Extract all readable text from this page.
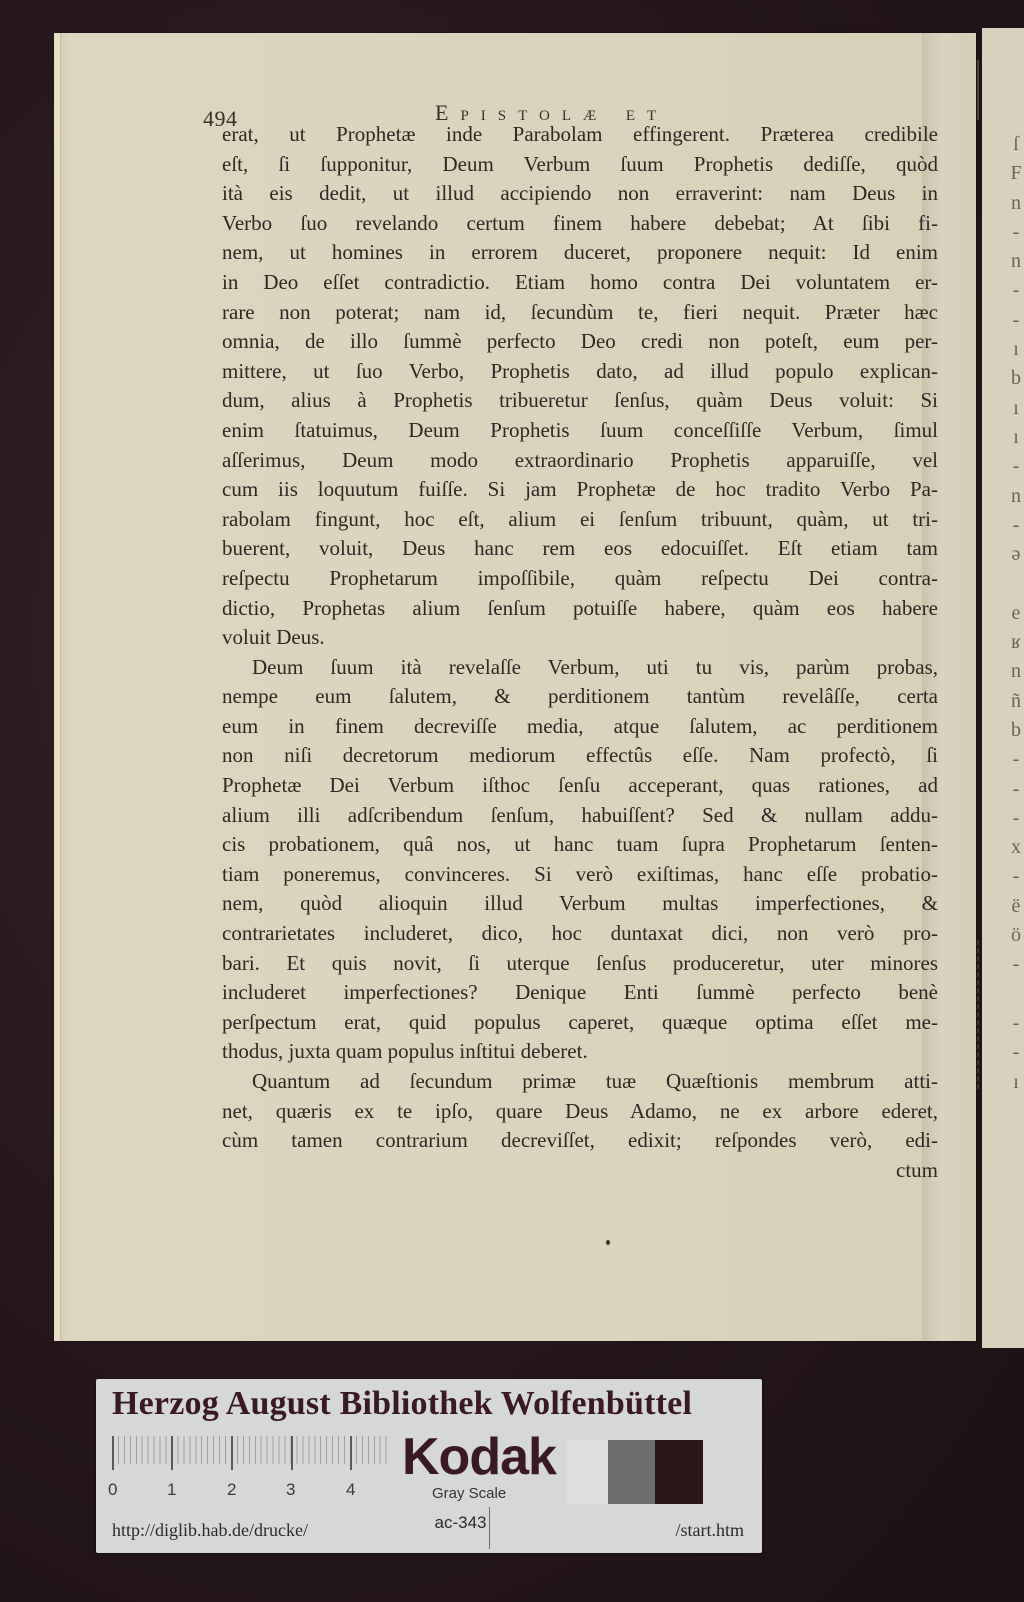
ſ
F
n
-
n
-
-
ı
b
ı
ı
-
n
-
ə
e
ʁ
n
ñ
b
-
-
-
x
-
ë
ö
-
-
-
ı
494	Epistolæ et
erat, ut Prophetæ inde Parabolam effingerent. Præterea credibile
eſt, ſi ſupponitur, Deum Verbum ſuum Prophetis dediſſe, quòd
ità eis dedit, ut illud accipiendo non erraverint: nam Deus in
Verbo ſuo revelando certum finem habere debebat; At ſibi fi-
nem, ut homines in errorem duceret, proponere nequit: Id enim
in Deo eſſet contradictio. Etiam homo contra Dei voluntatem er-
rare non poterat; nam id, ſecundùm te, fieri nequit. Præter hæc
omnia, de illo ſummè perfecto Deo credi non poteſt, eum per-
mittere, ut ſuo Verbo, Prophetis dato, ad illud populo explican-
dum, alius à Prophetis tribueretur ſenſus, quàm Deus voluit: Si
enim ſtatuimus, Deum Prophetis ſuum conceſſiſſe Verbum, ſimul
aſſerimus, Deum modo extraordinario Prophetis apparuiſſe, vel
cum iis loquutum fuiſſe. Si jam Prophetæ de hoc tradito Verbo Pa-
rabolam fingunt, hoc eſt, alium ei ſenſum tribuunt, quàm, ut tri-
buerent, voluit, Deus hanc rem eos edocuiſſet. Eſt etiam tam
reſpectu Prophetarum impoſſibile, quàm reſpectu Dei contra-
dictio, Prophetas alium ſenſum potuiſſe habere, quàm eos habere
voluit Deus.
Deum ſuum ità revelaſſe Verbum, uti tu vis, parùm probas,
nempe eum ſalutem, & perditionem tantùm revelâſſe, certa
eum in finem decreviſſe media, atque ſalutem, ac perditionem
non niſi decretorum mediorum effectûs eſſe. Nam profectò, ſi
Prophetæ Dei Verbum iſthoc ſenſu acceperant, quas rationes, ad
alium illi adſcribendum ſenſum, habuiſſent? Sed & nullam addu-
cis probationem, quâ nos, ut hanc tuam ſupra Prophetarum ſenten-
tiam poneremus, convinceres. Si verò exiſtimas, hanc eſſe probatio-
nem, quòd alioquin illud Verbum multas imperfectiones, &
contrarietates includeret, dico, hoc duntaxat dici, non verò pro-
bari. Et quis novit, ſi uterque ſenſus produceretur, uter minores
includeret imperfectiones? Denique Enti ſummè perfecto benè
perſpectum erat, quid populus caperet, quæque optima eſſet me-
thodus, juxta quam populus inſtitui deberet.
Quantum ad ſecundum primæ tuæ Quæſtionis membrum atti-
net, quæris ex te ipſo, quare Deus Adamo, ne ex arbore ederet,
cùm tamen contrarium decreviſſet, edixit; reſpondes verò, edi-
ctum
Herzog August Bibliothek Wolfenbüttel
0	1	2	3	4
Kodak
Gray Scale
http://diglib.hab.de/drucke/	ac-343	/start.htm
